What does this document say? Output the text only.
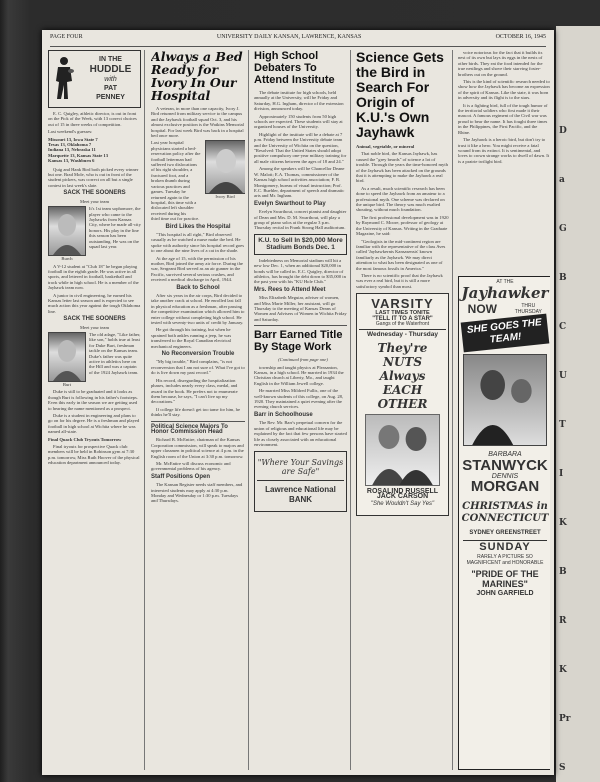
D
a
G
B
C
U
T
I
K
B
R
K
Pr
S
PAGE FOUR	UNIVERSITY DAILY KANSAN, LAWRENCE, KANSAS	OCTOBER 16, 1945
IN THE
HUDDLE
with
PAT
PENNEY

E. C. Quigley, athletic director, is out in front on the Pick of the Week, with 13 correct choices out of 15 in three weeks of competition.

Last weekend's guesses:

Missouri 13, Iowa State 7
Texas 13, Oklahoma 7
Indiana 13, Nebraska 11
Marquette 13, Kansas State 13
Kansas 13, Washburn 6

Quig and Hank Bird both picked every winner but one. Brad Mole, who is out in front of the student pickers, was correct on all but a single contest in last week's slate.

SACK THE SOONERS

Meet your team

Burch
It's 1st team sophomore, the player who came to the Jayhawks from Kansas City, where he made all-city honors. His play in the line this season has been outstanding. He was on the squad last year.

A V-12 student at "Club 18" he began playing football in the eighth grade. He was active in all sports, and lettered in football, basketball and track while in high school. He is a member of the Jayhawk team now.

A junior in civil engineering, he earned his Kansas letter last season and is expected to see much action this year against the tough Oklahoma line.

SACK THE SOONERS

Meet your team

Burt
The old adage, "Like father, like son," holds true at least for Duke Burt, freshman tackle on the Kansas team. Duke's father was quite active in athletics here on the Hill and was a captain of the 1924 Jayhawk team.

Duke is still to be graduated and it looks as though Burt is following in his father's footsteps. Even this early in the season we are getting used to hearing the name mentioned as a prospect.

Duke is a student in engineering and plans to go on for his degree. He is a freshman and played football in high school at Wichita where he was named all-state.

Final Quack Club Tryouts Tomorrow

Final tryouts for prospective Quack club members will be held in Robinson gym at 7:30 p.m. tomorrow, Miss Ruth Hoover of the physical education department announced today.

Always a Bed Ready for Ivory In Our Hospital

A veteran, in more than one capacity, Ivory J. Bird returned from military service to the campus and the Jayhawk football squad Oct. 3, and his almost exclusive position is the Watkins Memorial hospital. For last week Bird was back in a hospital bed once more.

Last year hospital physicians started a bed-reservation policy after the football letterman had suffered two dislocations of his right shoulder, a fractured foot, and a broken thumb during various practices and games. Tuesday he returned again to the hospital, this time with a dislocated left shoulder received during his
Ivory Bird

third time out for practice.

Bird Likes the Hospital

"This hospital is all right," Bird observed casually as he watched a nurse make the bed. He spoke with authority since his hospital record goes to one about the nine lives of a cat in the shade.

At the age of 15, with the permission of his mother, Bird joined the army air force. During the war, Sergeant Bird served as an air gunner in the Pacific, survived several serious crashes, and received a medical discharge in April, 1944.

Back to School

After six years in the air corps, Bird decided to take another crack at school. He enrolled last fall in physical education as a freshman, after passing the competitive examination which allowed him to enter college without completing high school. He tested with seventy-two units of credit by January.

He got through his training, but when he sprained both ankles running a jeep, he was transferred to the Royal Canadian electrical mechanical engineers.

No Reconversion Trouble

"My big trouble," Bird complains, "is not reconversion that I am not sure of. What I've got to do is live down my past record."

His record, disregarding the hospitalization phases, includes nearly every class, medal, and award in the book. He prefers not to enumerate them because, he says, "I can't live up my decorations."

If college life doesn't get too tame for him, he thinks he'll stay.

Political Science Majors To Honor Commission Head

Richard B. McEntire, chairman of the Kansas Corporation commission, will speak to majors and upper classmen in political science at 4 p.m. in the English room of the Union at 3:30 p.m. tomorrow.

Mr. McEntire will discuss economic and governmental problems of his agency.

Staff Positions Open

The Kansan Register needs staff members, and interested students may apply at 4:30 p.m. Monday and Wednesday or 1:30 p.m. Tuesdays and Thursdays.

High School Debaters To Attend Institute

The debate institute for high schools, held annually at the University, will be Friday and Saturday, H.G. Ingham, director of the extension division, announced today.

Approximately 150 students from 50 high schools are expected. These students will stay at organized houses of the University.

Highlight of the institute will be a debate at 7 p.m. Friday between the University debate team and the University of Wichita on the question, "Resolved: That the United States should adopt positive compulsory one-year military training for all male citizens between the ages of 18 and 24."

Among the speakers will be Chancellor Deane W. Malott; E.A. Thomas, commissioner of the Kansas high school activities association; F. B. Montgomery, bureau of visual instruction; Prof. E.C. Buehler, department of speech and dramatic arts and Mr. Ingham.

Evelyn Swarthout to Play

Evelyn Swarthout, concert pianist and daughter of Dean and Mrs. D. M. Swarthout, will play a group of piano solos at the regular 3 p.m. Thursday recital in Frank Strong Hall auditorium.

K.U. to Sell In $20,000 More Stadium Bonds Dec. 1

Indebtedness on Memorial stadium will hit a new low Dec. 1, when an additional $20,000 in bonds will be called in. E.C. Quigley, director of athletics, has brought the debt down to $35,000 in the past year with his "KU Hole Club."

Mrs. Rees to Attend Meet

Miss Elizabeth Meguiar, adviser of women, and Miss Marie Miller, her assistant, will go Thursday to the meeting of Kansas Deans of Women and Advisers of Women in Wichita Friday and Saturday.

Barr Earned Title By Stage Work

(Continued from page one)

township and taught physics at Pleasanton, Kansas, in a high school. He married in 1934 the Christian church at Liberty, Mo., and taught English in the William Jewell college.

He married Miss Mildred Fullis, one of the well-known students of this college, on Aug. 28, 1920. They maintained a quiet evening after the evening church services.

Barr in Schoolhouse

The Rev. Mr. Barr's perpetual concern for the union of religious and educational life may be explained by the fact that few persons have started life as closely associated with an educational environment.

"Where Your Savings are Safe"
Lawrence National BANK
Science Gets the Bird in Search For Origin of K.U.'s Own Jayhawk

Animal, vegetable, or mineral

That noble bird, the Kansas Jayhawk, has caused the "grey beards" of science a lot of trouble. Through the years the time-honored myth of the Jayhawk has been attacked on the grounds that it is attempting to make the Jayhawk a real bird.

As a result, much scientific research has been done to speed the Jayhawk from an amateur to a professional myth. One scheme was declared on the unique bird. The theory was much exalted shouting, without much foundation.

The first professional development was in 1920 by Raymond C. Moore, professor of geology at the University of Kansas. Writing in the Graduate Magazine, he said:

"Geologists in the mid-continent region are familiar with the representative of the class Aves called 'Jayhawkernis Kansasensis' known familiarly as the Jayhawk. We may direct attention to what has been designated as one of the most famous fossils in America."

There is no scientific proof that the Jayhawk was ever a real bird, but it is still a more satisfactory symbol than most.

VARSITY
LAST TIMES TONITE
"TELL IT TO A STAR"
Gangs of the Waterfront
Wednesday - Thursday
They're NUTS Always EACH OTHER
ROSALIND RUSSELL JACK CARSON
"She Wouldn't Say Yes"

voice notorious for the fact that it builds its nest of its own but lays its eggs in the nests of other birds. They eat the food intended for the true nestlings and shove their starving foster-brothers out on the ground.

This is the kind of scientific research needed to show how the Jayhawk has become an expression of the spirit of Kansas. Like the state, it was born in adversity and its flight is to the stars.

It is a fighting bird, full of the tough humor of the territorial soldiers who first made it their mascot. A famous regiment of the Civil war was proud to bear the name. It has fought three times in the Philippines, the First Pacific, and the Rhine.

The Jayhawk is a heroic bird, but don't try to trust it like a hero. You might receive a fatal wound from its extinct. It is sentimental, and loves to crown strange works to dwell of dawn. It is a prairie twilight bird.

AT THE
Jayhawker
NOW	THRU THURSDAY
SHE GOES THE TEAM!
BARBARA
STANWYCK
DENNIS
MORGAN
CHRISTMAS in CONNECTICUT
SYDNEY GREENSTREET
SUNDAY
RARELY A PICTURE SO MAGNIFICENT and HONORABLE
"PRIDE OF THE MARINES"
JOHN GARFIELD
